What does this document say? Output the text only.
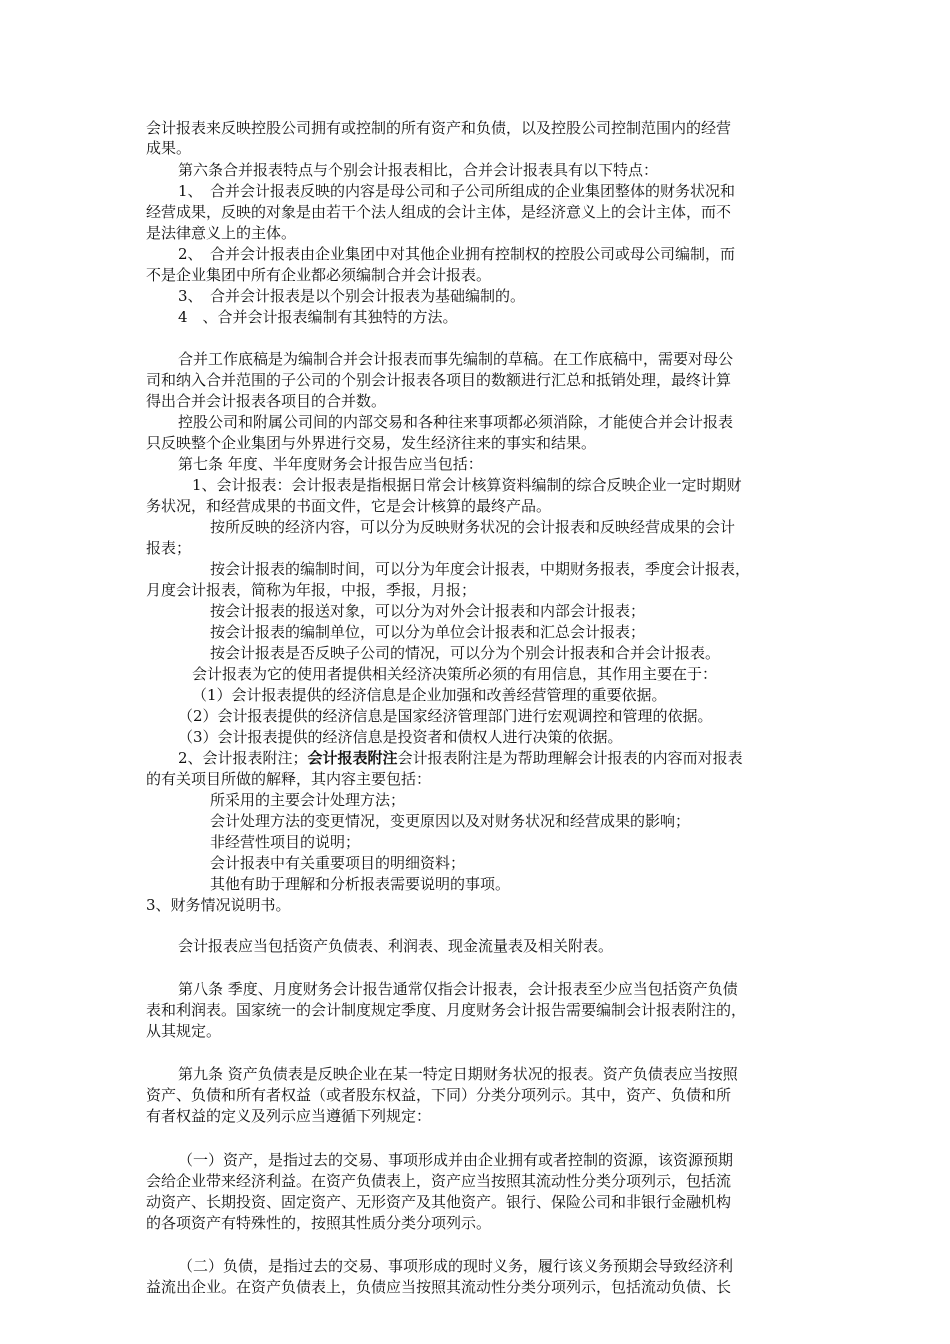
会计报表来反映控股公司拥有或控制的所有资产和负债，以及控股公司控制范围内的经营
成果。
第六条合并报表特点与个别会计报表相比，合并会计报表具有以下特点：
1、　合并会计报表反映的内容是母公司和子公司所组成的企业集团整体的财务状况和
经营成果，反映的对象是由若干个法人组成的会计主体，是经济意义上的会计主体，而不
是法律意义上的主体。
2、　合并会计报表由企业集团中对其他企业拥有控制权的控股公司或母公司编制，而
不是企业集团中所有企业都必须编制合并会计报表。
3、　合并会计报表是以个别会计报表为基础编制的。
4　、合并会计报表编制有其独特的方法。
合并工作底稿是为编制合并会计报表而事先编制的草稿。在工作底稿中，需要对母公
司和纳入合并范围的子公司的个别会计报表各项目的数额进行汇总和抵销处理，最终计算
得出合并会计报表各项目的合并数。
控股公司和附属公司间的内部交易和各种往来事项都必须消除，才能使合并会计报表
只反映整个企业集团与外界进行交易，发生经济往来的事实和结果。
第七条 年度、半年度财务会计报告应当包括：
1、会计报表：会计报表是指根据日常会计核算资料编制的综合反映企业一定时期财
务状况，和经营成果的书面文件，它是会计核算的最终产品。
按所反映的经济内容，可以分为反映财务状况的会计报表和反映经营成果的会计
报表；
按会计报表的编制时间，可以分为年度会计报表，中期财务报表，季度会计报表，
月度会计报表，简称为年报，中报，季报，月报；
按会计报表的报送对象，可以分为对外会计报表和内部会计报表；
按会计报表的编制单位，可以分为单位会计报表和汇总会计报表；
按会计报表是否反映子公司的情况，可以分为个别会计报表和合并会计报表。
会计报表为它的使用者提供相关经济决策所必须的有用信息，其作用主要在于：
（1）会计报表提供的经济信息是企业加强和改善经营管理的重要依据。
（2）会计报表提供的经济信息是国家经济管理部门进行宏观调控和管理的依据。
（3）会计报表提供的经济信息是投资者和债权人进行决策的依据。
2、会计报表附注；会计报表附注会计报表附注是为帮助理解会计报表的内容而对报表
的有关项目所做的解释，其内容主要包括：
所采用的主要会计处理方法；
会计处理方法的变更情况，变更原因以及对财务状况和经营成果的影响；
非经营性项目的说明；
会计报表中有关重要项目的明细资料；
其他有助于理解和分析报表需要说明的事项。
3、财务情况说明书。
会计报表应当包括资产负债表、利润表、现金流量表及相关附表。
第八条 季度、月度财务会计报告通常仅指会计报表，会计报表至少应当包括资产负债
表和利润表。国家统一的会计制度规定季度、月度财务会计报告需要编制会计报表附注的，
从其规定。
第九条 资产负债表是反映企业在某一特定日期财务状况的报表。资产负债表应当按照
资产、负债和所有者权益（或者股东权益，下同）分类分项列示。其中，资产、负债和所
有者权益的定义及列示应当遵循下列规定：
（一）资产，是指过去的交易、事项形成并由企业拥有或者控制的资源，该资源预期
会给企业带来经济利益。在资产负债表上，资产应当按照其流动性分类分项列示，包括流
动资产、长期投资、固定资产、无形资产及其他资产。银行、保险公司和非银行金融机构
的各项资产有特殊性的，按照其性质分类分项列示。
（二）负债，是指过去的交易、事项形成的现时义务，履行该义务预期会导致经济利
益流出企业。在资产负债表上，负债应当按照其流动性分类分项列示，包括流动负债、长
